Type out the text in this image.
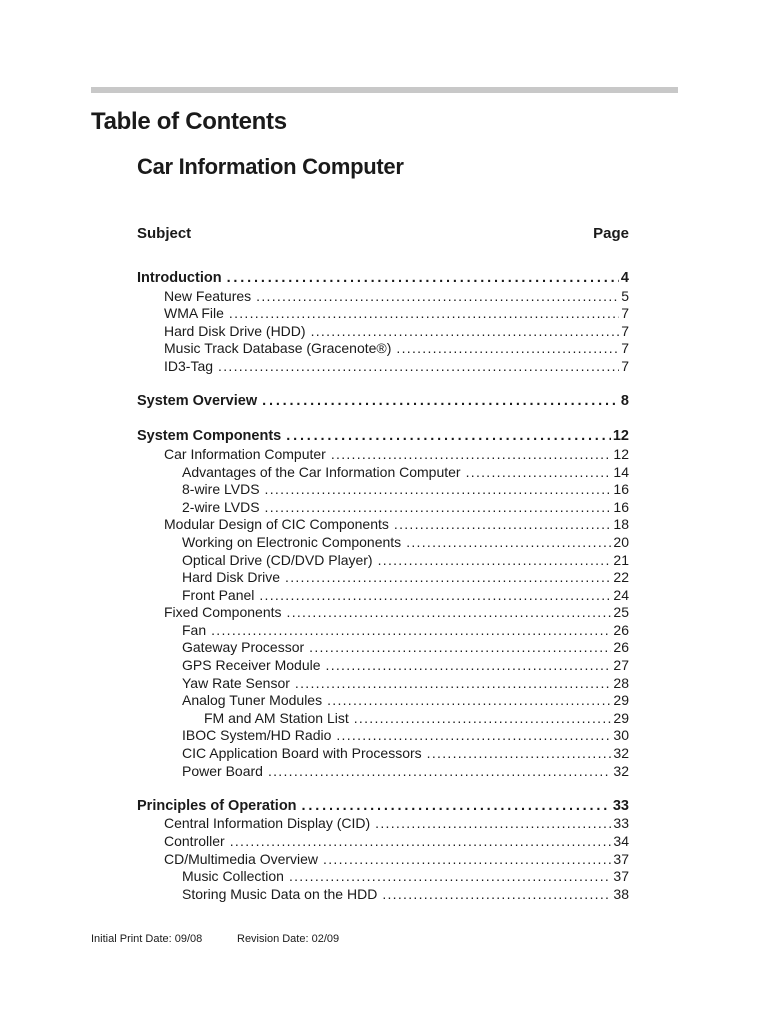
Table of Contents
Car Information Computer
Subject	Page
Introduction . . .	4
New Features . . .	5
WMA File . . .	7
Hard Disk Drive (HDD) . . .	7
Music Track Database (Gracenote®) . . .	7
ID3-Tag . . .	7
System Overview . . .	8
System Components . . .	12
Car Information Computer . . .	12
Advantages of the Car Information Computer . . .	14
8-wire LVDS . . .	16
2-wire LVDS . . .	16
Modular Design of CIC Components . . .	18
Working on Electronic Components . . .	20
Optical Drive (CD/DVD Player) . . .	21
Hard Disk Drive . . .	22
Front Panel . . .	24
Fixed Components . . .	25
Fan . . .	26
Gateway Processor . . .	26
GPS Receiver Module . . .	27
Yaw Rate Sensor . . .	28
Analog Tuner Modules . . .	29
FM and AM Station List . . .	29
IBOC System/HD Radio . . .	30
CIC Application Board with Processors . . .	32
Power Board . . .	32
Principles of Operation . . .	33
Central Information Display (CID) . . .	33
Controller . . .	34
CD/Multimedia Overview . . .	37
Music Collection . . .	37
Storing Music Data on the HDD . . .	38
Initial Print Date: 09/08	Revision Date: 02/09
